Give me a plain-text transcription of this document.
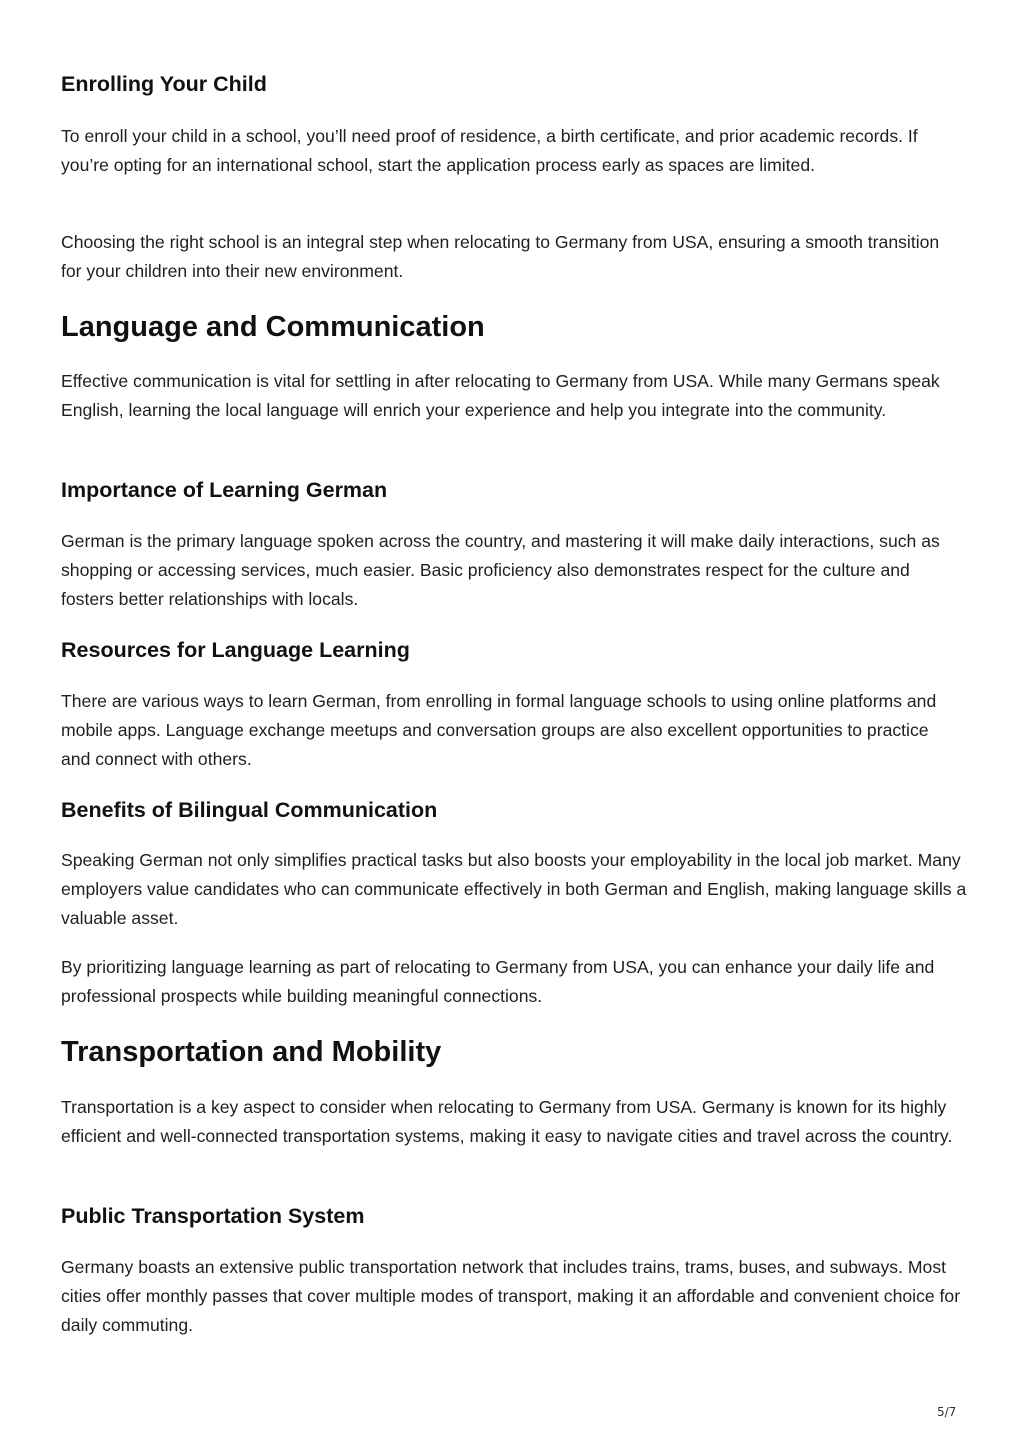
Enrolling Your Child

To enroll your child in a school, you’ll need proof of residence, a birth certificate, and prior academic records. If you’re opting for an international school, start the application process early as spaces are limited.

Choosing the right school is an integral step when relocating to Germany from USA, ensuring a smooth transition for your children into their new environment.

Language and Communication

Effective communication is vital for settling in after relocating to Germany from USA. While many Germans speak English, learning the local language will enrich your experience and help you integrate into the community.

Importance of Learning German

German is the primary language spoken across the country, and mastering it will make daily interactions, such as shopping or accessing services, much easier. Basic proficiency also demonstrates respect for the culture and fosters better relationships with locals.

Resources for Language Learning

There are various ways to learn German, from enrolling in formal language schools to using online platforms and mobile apps. Language exchange meetups and conversation groups are also excellent opportunities to practice and connect with others.

Benefits of Bilingual Communication

Speaking German not only simplifies practical tasks but also boosts your employability in the local job market. Many employers value candidates who can communicate effectively in both German and English, making language skills a valuable asset.

By prioritizing language learning as part of relocating to Germany from USA, you can enhance your daily life and professional prospects while building meaningful connections.

Transportation and Mobility

Transportation is a key aspect to consider when relocating to Germany from USA. Germany is known for its highly efficient and well-connected transportation systems, making it easy to navigate cities and travel across the country.

Public Transportation System

Germany boasts an extensive public transportation network that includes trains, trams, buses, and subways. Most cities offer monthly passes that cover multiple modes of transport, making it an affordable and convenient choice for daily commuting.

5/7
